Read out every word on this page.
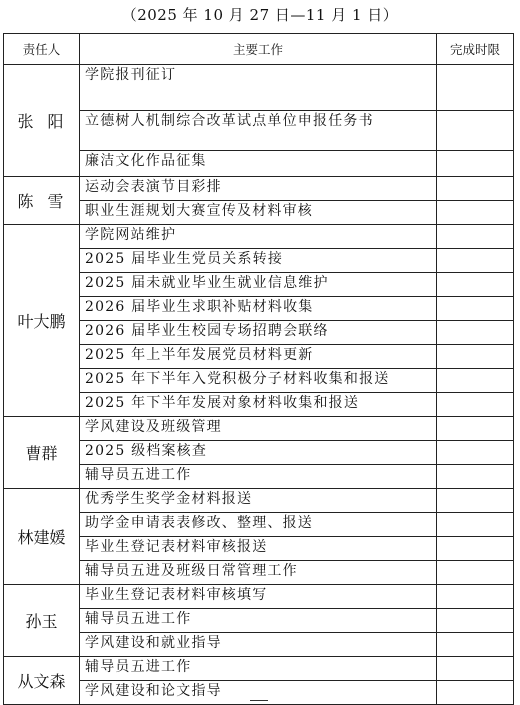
（2025 年 10 月 27 日—11 月 1 日）
责任人	主要工作	完成时限
张阳	学院报刊征订	
	立德树人机制综合改革试点单位申报任务书	
	廉洁文化作品征集	
陈雪	运动会表演节目彩排	
	职业生涯规划大赛宣传及材料审核	
叶大鹏	学院网站维护	
	2025 届毕业生党员关系转接	
	2025 届未就业毕业生就业信息维护	
	2026 届毕业生求职补贴材料收集	
	2026 届毕业生校园专场招聘会联络	
	2025 年上半年发展党员材料更新	
	2025 年下半年入党积极分子材料收集和报送	
	2025 年下半年发展对象材料收集和报送	
曹群	学风建设及班级管理	
	2025 级档案核查	
	辅导员五进工作	
林建媛	优秀学生奖学金材料报送	
	助学金申请表表修改、整理、报送	
	毕业生登记表材料审核报送	
	辅导员五进及班级日常管理工作	
孙玉	毕业生登记表材料审核填写	
	辅导员五进工作	
	学风建设和就业指导	
从文森	辅导员五进工作	
	学风建设和论文指导	
